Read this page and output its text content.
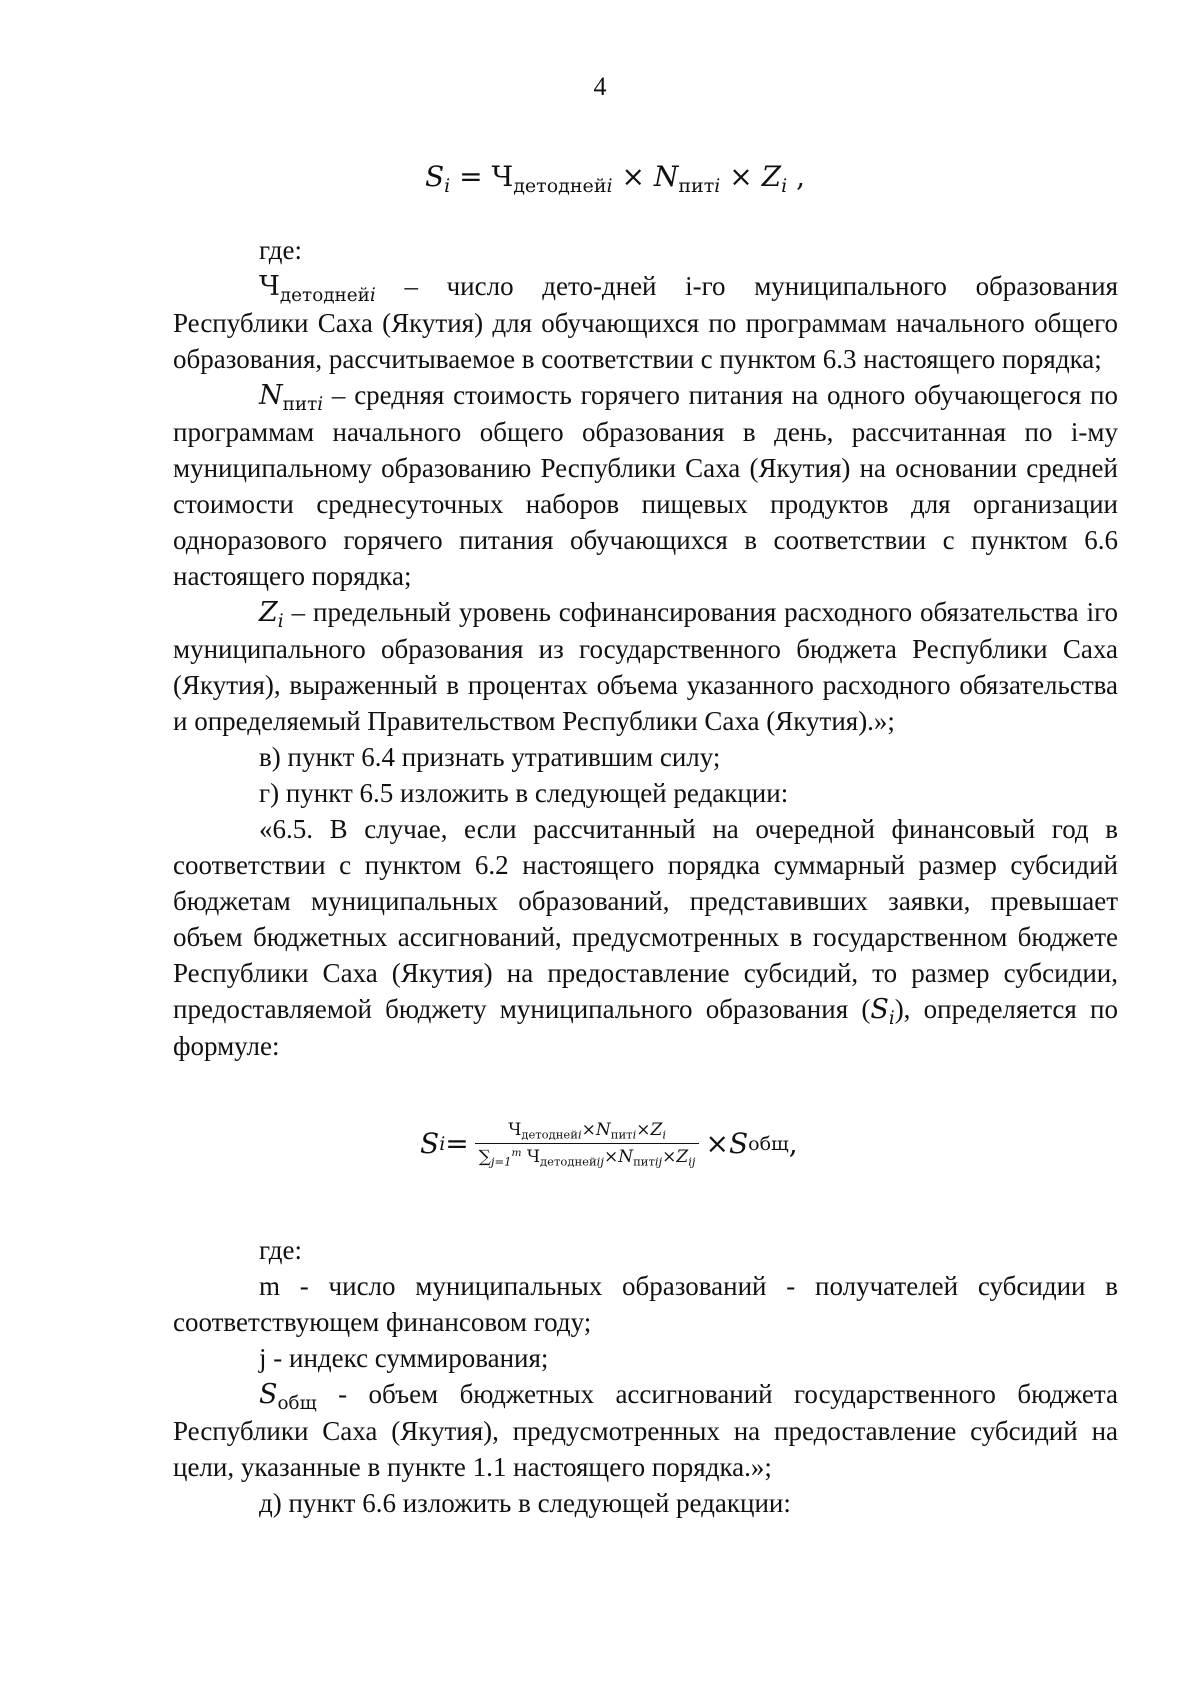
4
$S_i = Ч_{детоднейi} \times N_{питi} \times Z_i$ ,

где:

$Ч_{детоднейi}$ – число дето-дней i-го муниципального образования Республики Саха (Якутия) для обучающихся по программам начального общего образования, рассчитываемое в соответствии с пунктом 6.3 настоящего порядка;

$N_{питi}$ – средняя стоимость горячего питания на одного обучающегося по программам начального общего образования в день, рассчитанная по i-му муниципальному образованию Республики Саха (Якутия) на основании средней стоимости среднесуточных наборов пищевых продуктов для организации одноразового горячего питания обучающихся в соответствии с пунктом 6.6 настоящего порядка;

$Z_i$ – предельный уровень софинансирования расходного обязательства iго муниципального образования из государственного бюджета Республики Саха (Якутия), выраженный в процентах объема указанного расходного обязательства и определяемый Правительством Республики Саха (Якутия).»;

в) пункт 6.4 признать утратившим силу;

г) пункт 6.5 изложить в следующей редакции:

«6.5. В случае, если рассчитанный на очередной финансовый год в соответствии с пунктом 6.2 настоящего порядка суммарный размер субсидий бюджетам муниципальных образований, представивших заявки, превышает объем бюджетных ассигнований, предусмотренных в государственном бюджете Республики Саха (Якутия) на предоставление субсидий, то размер субсидии, предоставляемой бюджету муниципального образования $(S_i)$, определяется по формуле:

S $i = \frac{Ч_{детоднейi}\times N_{питi}\times Z_i}{\sum_{j=1}^m Ч_{детоднейij}\times N_{питij}\times Z_{ij}} \times S$ общ ,

где:

m - число муниципальных образований - получателей субсидии в соответствующем финансовом году;

j - индекс суммирования;

$S_{общ}$ - объем бюджетных ассигнований государственного бюджета Республики Саха (Якутия), предусмотренных на предоставление субсидий на цели, указанные в пункте 1.1 настоящего порядка.»;

д) пункт 6.6 изложить в следующей редакции:
